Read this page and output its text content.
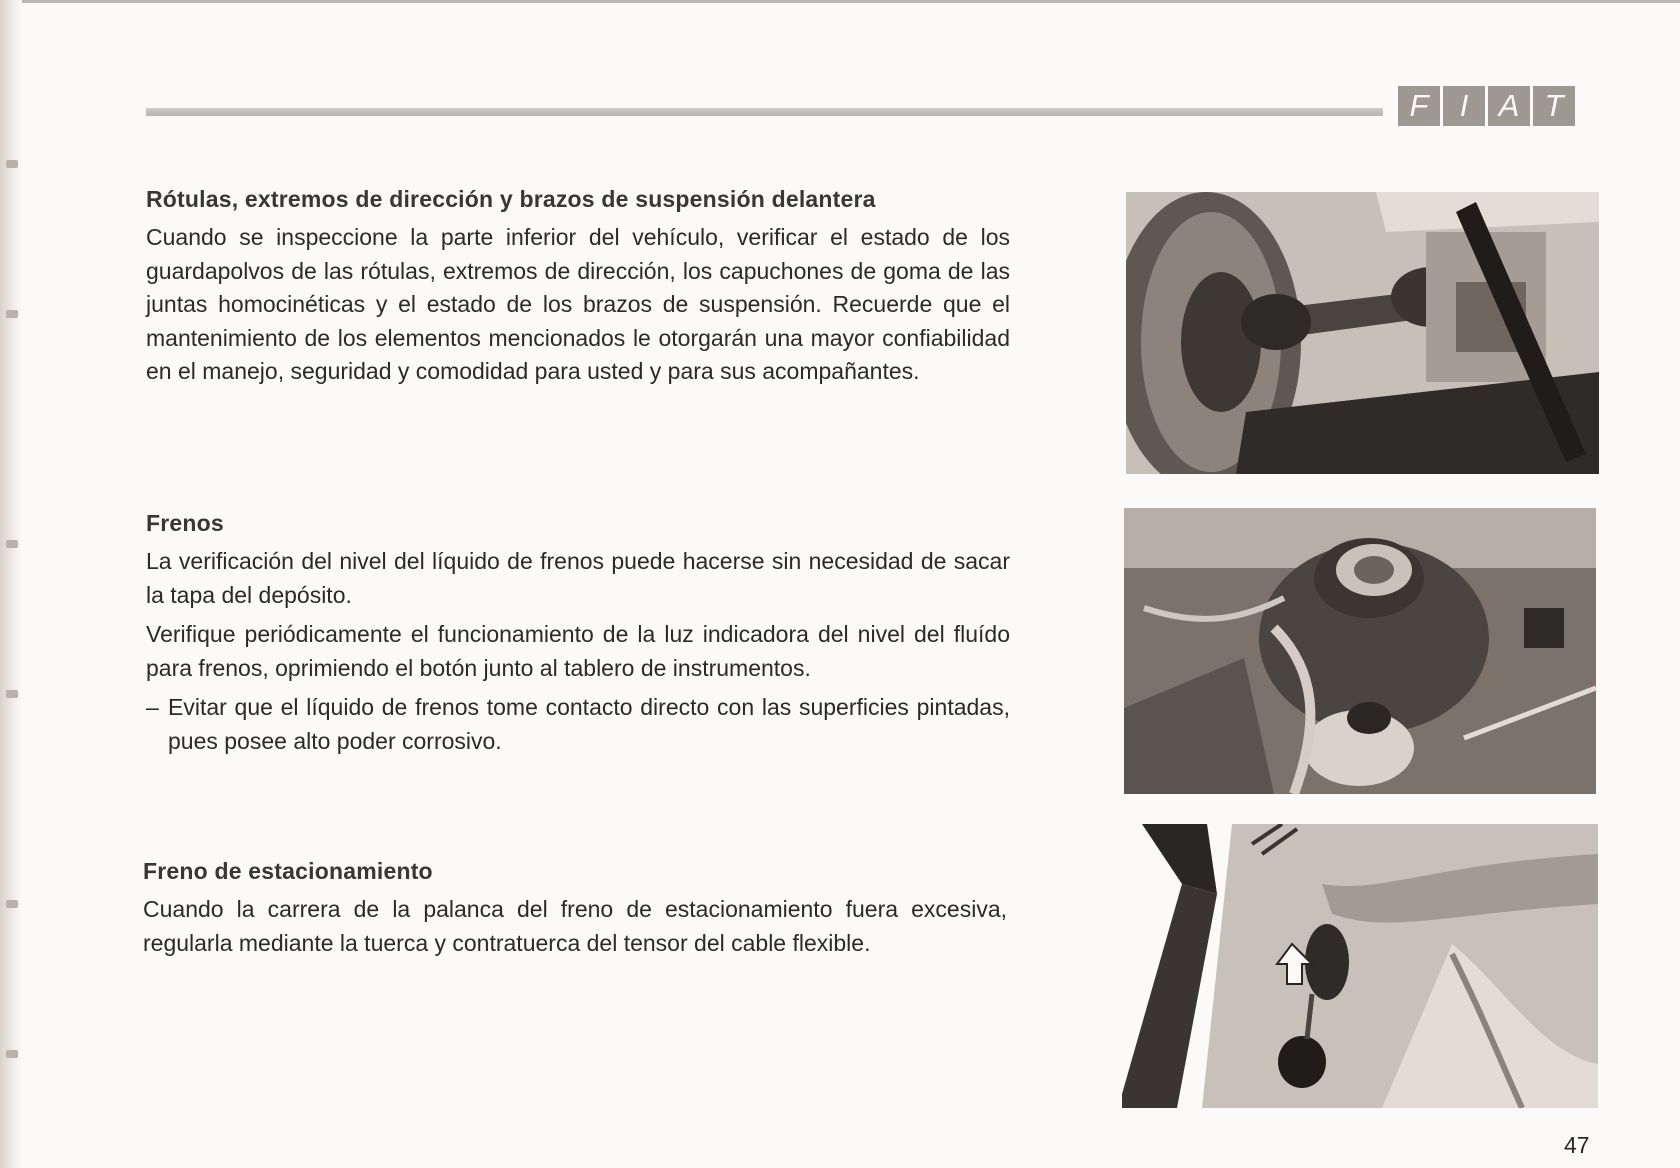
F	I A T
Rótulas, extremos de dirección y brazos de suspensión delantera

Cuando se inspeccione la parte inferior del vehículo, verificar el estado de los guardapolvos de las rótulas, extremos de dirección, los capuchones de goma de las juntas homocinéticas y el estado de los brazos de suspensión. Recuerde que el mantenimiento de los elementos mencionados le otorgarán una mayor confiabilidad en el manejo, seguridad y comodidad para usted y para sus acompañantes.

Frenos

La verificación del nivel del líquido de frenos puede hacerse sin necesidad de sacar la tapa del depósito.

Verifique periódicamente el funcionamiento de la luz indicadora del nivel del fluído para frenos, oprimiendo el botón junto al tablero de instrumentos.

– Evitar que el líquido de frenos tome contacto directo con las superficies pintadas, pues posee alto poder corrosivo.
Freno de estacionamiento

Cuando la carrera de la palanca del freno de estacionamiento fuera excesiva, regularla mediante la tuerca y contratuerca del tensor del cable flexible.

47
